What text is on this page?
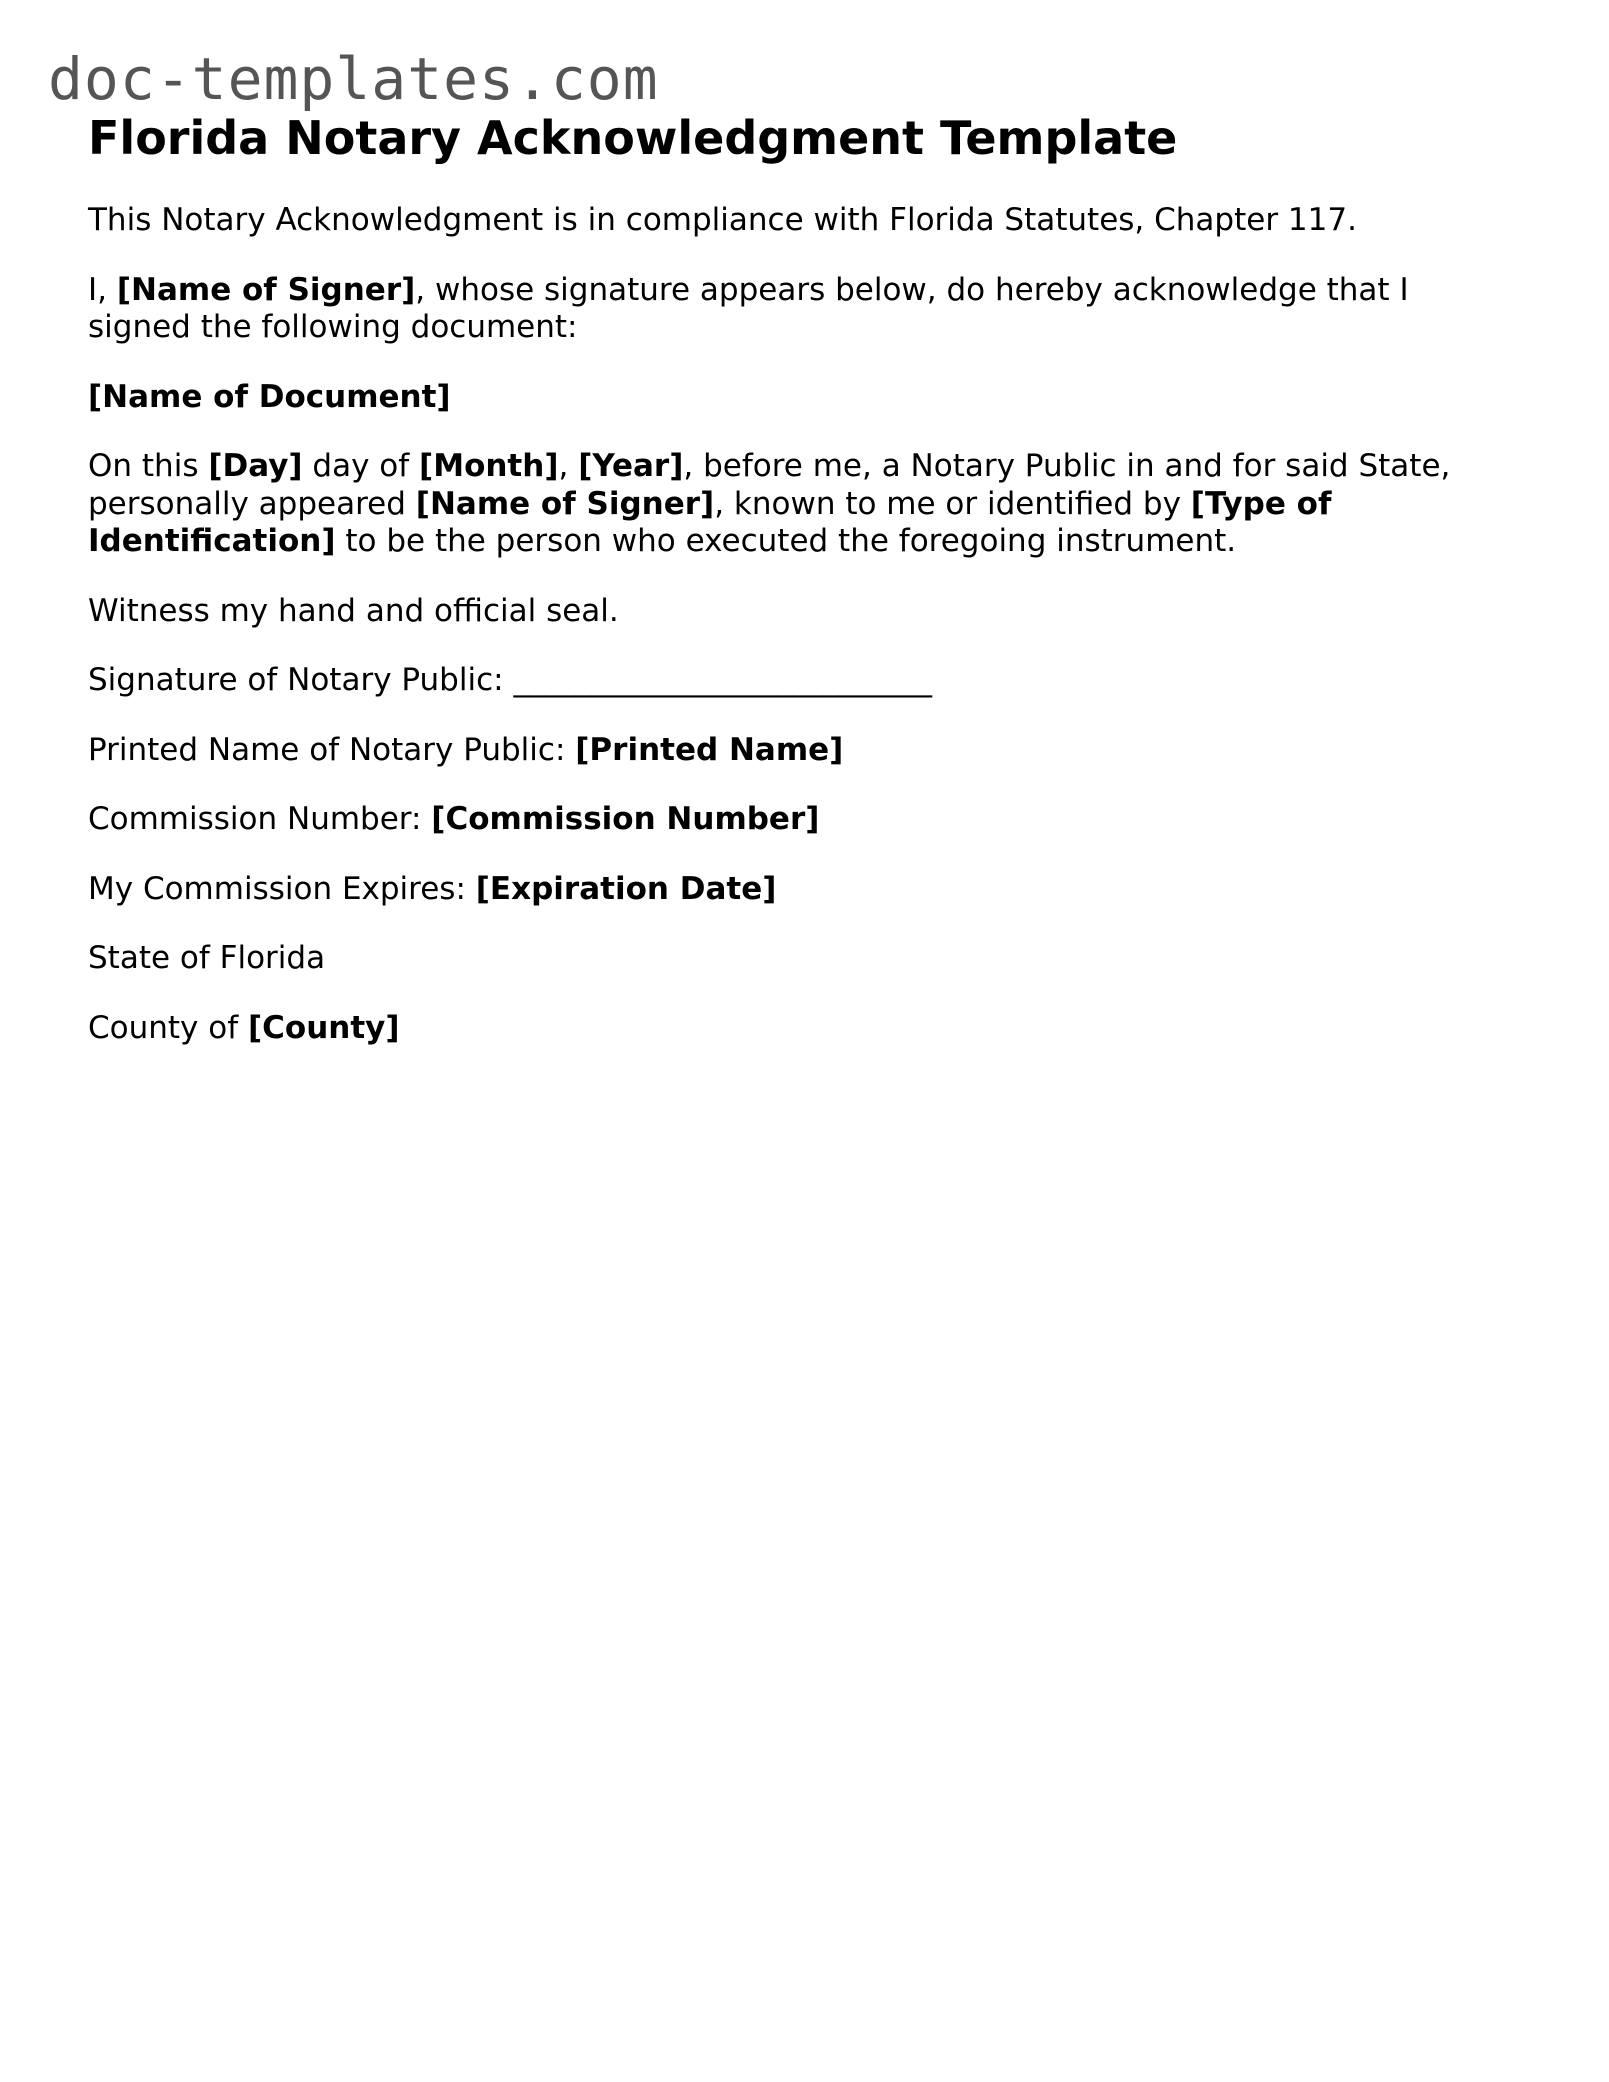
doc-templates.com
Florida Notary Acknowledgment Template

This Notary Acknowledgment is in compliance with Florida Statutes, Chapter 117.

I, [Name of Signer], whose signature appears below, do hereby acknowledge that I signed the following document:

[Name of Document]

On this [Day] day of [Month], [Year], before me, a Notary Public in and for said State, personally appeared [Name of Signer], known to me or identified by [Type of Identification] to be the person who executed the foregoing instrument.

Witness my hand and official seal.

Signature of Notary Public: ___________________________

Printed Name of Notary Public: [Printed Name]

Commission Number: [Commission Number]

My Commission Expires: [Expiration Date]

State of Florida

County of [County]
